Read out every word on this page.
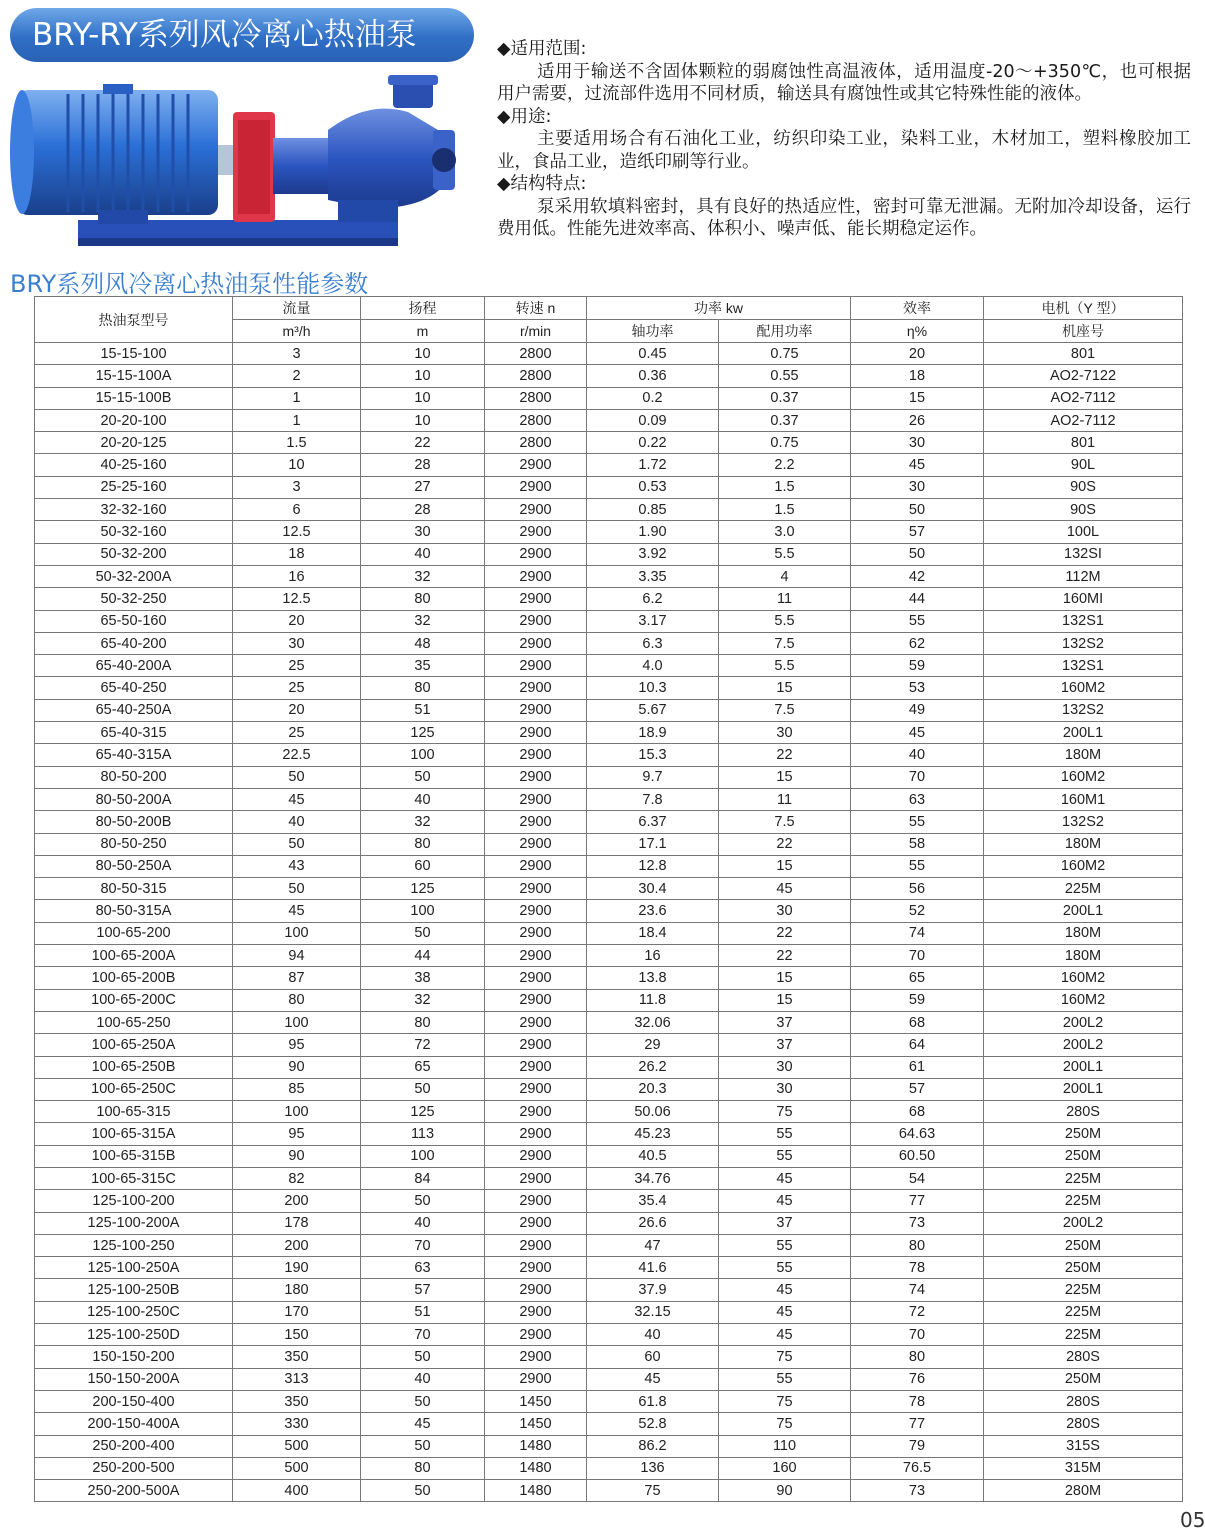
BRY-RY系列风冷离心热油泵	◆适用范围:
适用于输送不含固体颗粒的弱腐蚀性高温液体，适用温度-20～+350℃，也可根据用户需要，过流部件选用不同材质，输送具有腐蚀性或其它特殊性能的液体。
◆用途:
主要适用场合有石油化工业，纺织印染工业，染料工业，木材加工，塑料橡胶加工业，食品工业，造纸印刷等行业。
◆结构特点:
泵采用软填料密封，具有良好的热适应性，密封可靠无泄漏。无附加冷却设备，运行费用低。性能先进效率高、体积小、噪声低、能长期稳定运作。
BRY系列风冷离心热油泵性能参数
热油泵型号	流量	扬程	转速 n	功率 kw		效率	电机（Y 型）
	m³/h	m	r/min	轴功率	配用功率	η%	机座号
15-15-100	3	10	2800	0.45	0.75	20	801
15-15-100A	2	10	2800	0.36	0.55	18	AO2-7122
15-15-100B	1	10	2800	0.2	0.37	15	AO2-7112
20-20-100	1	10	2800	0.09	0.37	26	AO2-7112
20-20-125	1.5	22	2800	0.22	0.75	30	801
40-25-160	10	28	2900	1.72	2.2	45	90L
25-25-160	3	27	2900	0.53	1.5	30	90S
32-32-160	6	28	2900	0.85	1.5	50	90S
50-32-160	12.5	30	2900	1.90	3.0	57	100L
50-32-200	18	40	2900	3.92	5.5	50	132SI
50-32-200A	16	32	2900	3.35	4	42	112M
50-32-250	12.5	80	2900	6.2	11	44	160MI
65-50-160	20	32	2900	3.17	5.5	55	132S1
65-40-200	30	48	2900	6.3	7.5	62	132S2
65-40-200A	25	35	2900	4.0	5.5	59	132S1
65-40-250	25	80	2900	10.3	15	53	160M2
65-40-250A	20	51	2900	5.67	7.5	49	132S2
65-40-315	25	125	2900	18.9	30	45	200L1
65-40-315A	22.5	100	2900	15.3	22	40	180M
80-50-200	50	50	2900	9.7	15	70	160M2
80-50-200A	45	40	2900	7.8	11	63	160M1
80-50-200B	40	32	2900	6.37	7.5	55	132S2
80-50-250	50	80	2900	17.1	22	58	180M
80-50-250A	43	60	2900	12.8	15	55	160M2
80-50-315	50	125	2900	30.4	45	56	225M
80-50-315A	45	100	2900	23.6	30	52	200L1
100-65-200	100	50	2900	18.4	22	74	180M
100-65-200A	94	44	2900	16	22	70	180M
100-65-200B	87	38	2900	13.8	15	65	160M2
100-65-200C	80	32	2900	11.8	15	59	160M2
100-65-250	100	80	2900	32.06	37	68	200L2
100-65-250A	95	72	2900	29	37	64	200L2
100-65-250B	90	65	2900	26.2	30	61	200L1
100-65-250C	85	50	2900	20.3	30	57	200L1
100-65-315	100	125	2900	50.06	75	68	280S
100-65-315A	95	113	2900	45.23	55	64.63	250M
100-65-315B	90	100	2900	40.5	55	60.50	250M
100-65-315C	82	84	2900	34.76	45	54	225M
125-100-200	200	50	2900	35.4	45	77	225M
125-100-200A	178	40	2900	26.6	37	73	200L2
125-100-250	200	70	2900	47	55	80	250M
125-100-250A	190	63	2900	41.6	55	78	250M
125-100-250B	180	57	2900	37.9	45	74	225M
125-100-250C	170	51	2900	32.15	45	72	225M
125-100-250D	150	70	2900	40	45	70	225M
150-150-200	350	50	2900	60	75	80	280S
150-150-200A	313	40	2900	45	55	76	250M
200-150-400	350	50	1450	61.8	75	78	280S
200-150-400A	330	45	1450	52.8	75	77	280S
250-200-400	500	50	1480	86.2	110	79	315S
250-200-500	500	80	1480	136	160	76.5	315M
250-200-500A	400	50	1480	75	90	73	280M
05
